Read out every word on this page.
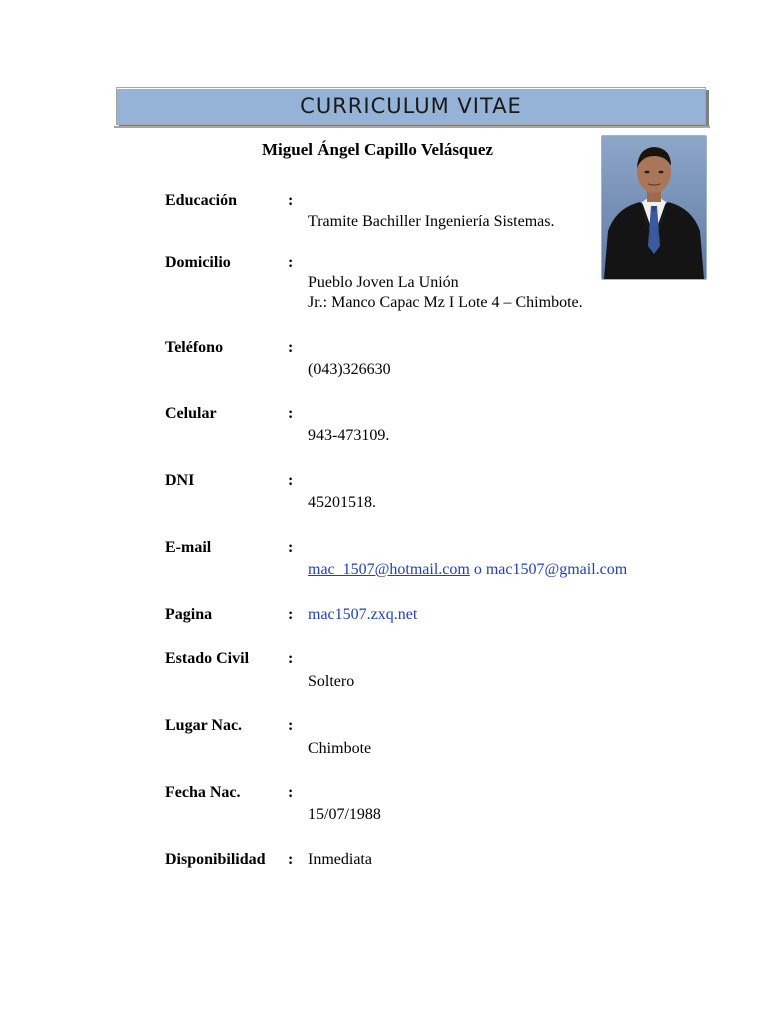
CURRICULUM VITAE
Miguel Ángel Capillo Velásquez
Educación	:
Tramite Bachiller Ingeniería Sistemas.
Domicilio	:
Pueblo Joven La Unión
Jr.: Manco Capac Mz I Lote 4 – Chimbote.
Teléfono	:
(043)326630
Celular	:
943-473109.
DNI	:
45201518.
E-mail	:
mac_1507@hotmail.com o mac1507@gmail.com
Pagina	: mac1507.zxq.net
Estado Civil :
Soltero
Lugar Nac.	:
Chimbote
Fecha Nac.	:
15/07/1988
Disponibilidad : Inmediata
